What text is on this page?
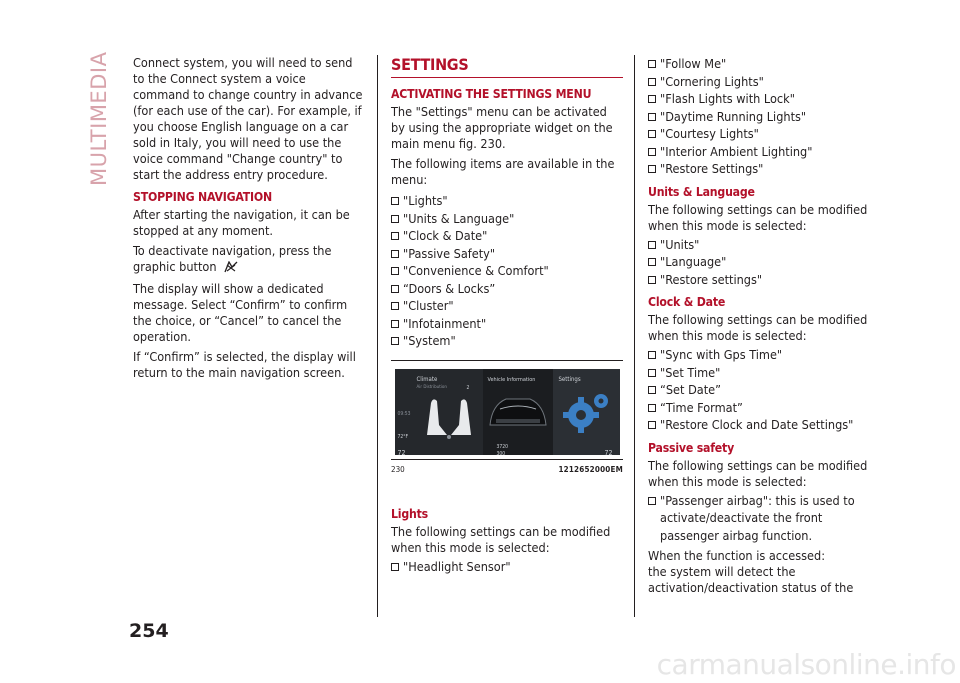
MULTIMEDIA Connect system, you will need to send to the Connect system a voice command to change country in advance (for each use of the car). For example, if you choose English language on a car sold in Italy, you will need to use the voice command "Change country" to start the address entry procedure.

STOPPING NAVIGATION

After starting the navigation, it can be stopped at any moment.

To deactivate navigation, press the graphic button

The display will show a dedicated message. Select “Confirm” to confirm the choice, or “Cancel” to cancel the operation.

If “Confirm” is selected, the display will return to the main navigation screen.

SETTINGS
ACTIVATING THE SETTINGS MENU

The "Settings" menu can be activated by using the appropriate widget on the main menu fig. 230.

The following items are available in the menu:

"Lights"
"Units & Language"
"Clock & Date"
"Passive Safety"
"Convenience & Comfort"
“Doors & Locks”
"Cluster"
"Infotainment"
"System"
Climate
Air Distribution	2
09:53
72°F
72
Vehicle Information
3720
300
Settings
72
230	1212652000EM
Lights

The following settings can be modified when this mode is selected:

"Headlight Sensor"
"Follow Me"
"Cornering Lights"
"Flash Lights with Lock"
"Daytime Running Lights"
"Courtesy Lights"
"Interior Ambient Lighting"
"Restore Settings"
Units & Language

The following settings can be modified when this mode is selected:

"Units"
"Language"
"Restore settings"
Clock & Date

The following settings can be modified when this mode is selected:

"Sync with Gps Time"
"Set Time"
“Set Date”
“Time Format”
"Restore Clock and Date Settings"
Passive safety

The following settings can be modified when this mode is selected:

"Passenger airbag": this is used to activate/deactivate the front passenger airbag function.

When the function is accessed:

the system will detect the activation/deactivation status of the

254
carmanualsonline.info
